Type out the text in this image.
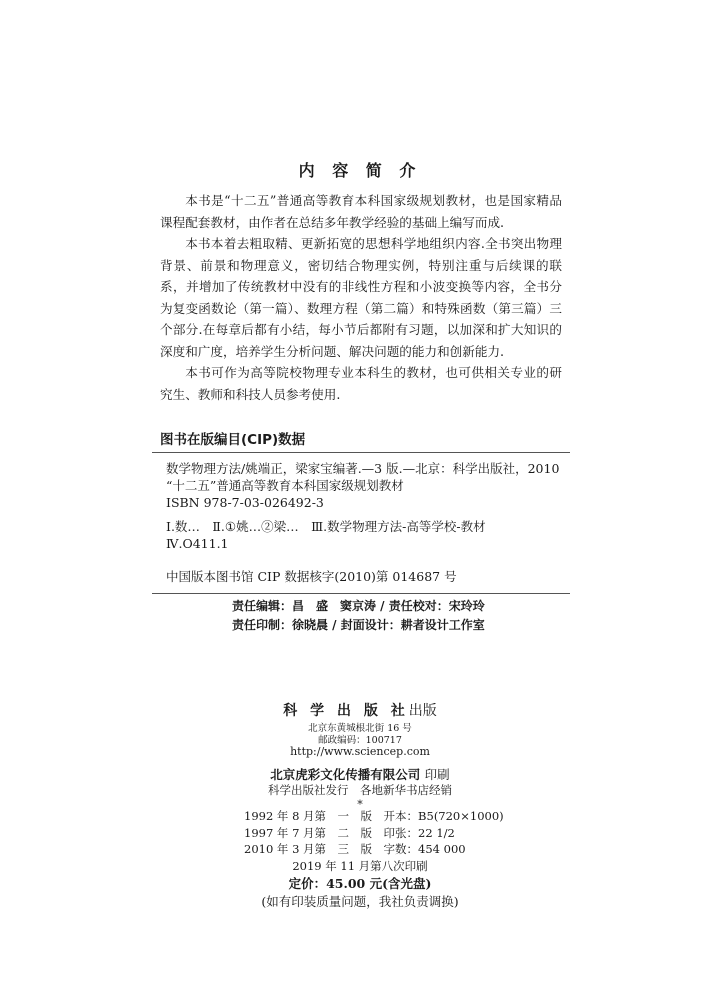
内 容 简 介

本书是“十二五”普通高等教育本科国家级规划教材，也是国家精品课程配套教材，由作者在总结多年教学经验的基础上编写而成.

本书本着去粗取精、更新拓宽的思想科学地组织内容.全书突出物理背景、前景和物理意义，密切结合物理实例，特别注重与后续课的联系，并增加了传统教材中没有的非线性方程和小波变换等内容，全书分为复变函数论（第一篇）、数理方程（第二篇）和特殊函数（第三篇）三个部分.在每章后都有小结，每小节后都附有习题，以加深和扩大知识的深度和广度，培养学生分析问题、解决问题的能力和创新能力.

本书可作为高等院校物理专业本科生的教材，也可供相关专业的研究生、教师和科技人员参考使用.

图书在版编目(CIP)数据
数学物理方法/姚端正，梁家宝编著.—3 版.—北京：科学出版社，2010
“十二五”普通高等教育本科国家级规划教材
ISBN 978-7-03-026492-3
Ⅰ.数…　Ⅱ.①姚…②梁…　Ⅲ.数学物理方法-高等学校-教材
Ⅳ.O411.1
中国版本图书馆 CIP 数据核字(2010)第 014687 号
责任编辑：昌　盛　窦京涛 / 责任校对：宋玲玲
责任印制：徐晓晨 / 封面设计：耕者设计工作室
科 学 出 版 社出版
北京东黄城根北街 16 号
邮政编码：100717
http://www.sciencep.com
北京虎彩文化传播有限公司 印刷
科学出版社发行　各地新华书店经销
*
1992 年 8 月第　一　版　开本：B5(720×1000)
1997 年 7 月第　二　版　印张：22 1/2
2010 年 3 月第　三　版　字数：454 000
2019 年 11 月第八次印刷
定价：45.00 元(含光盘)
(如有印装质量问题，我社负责调换)
